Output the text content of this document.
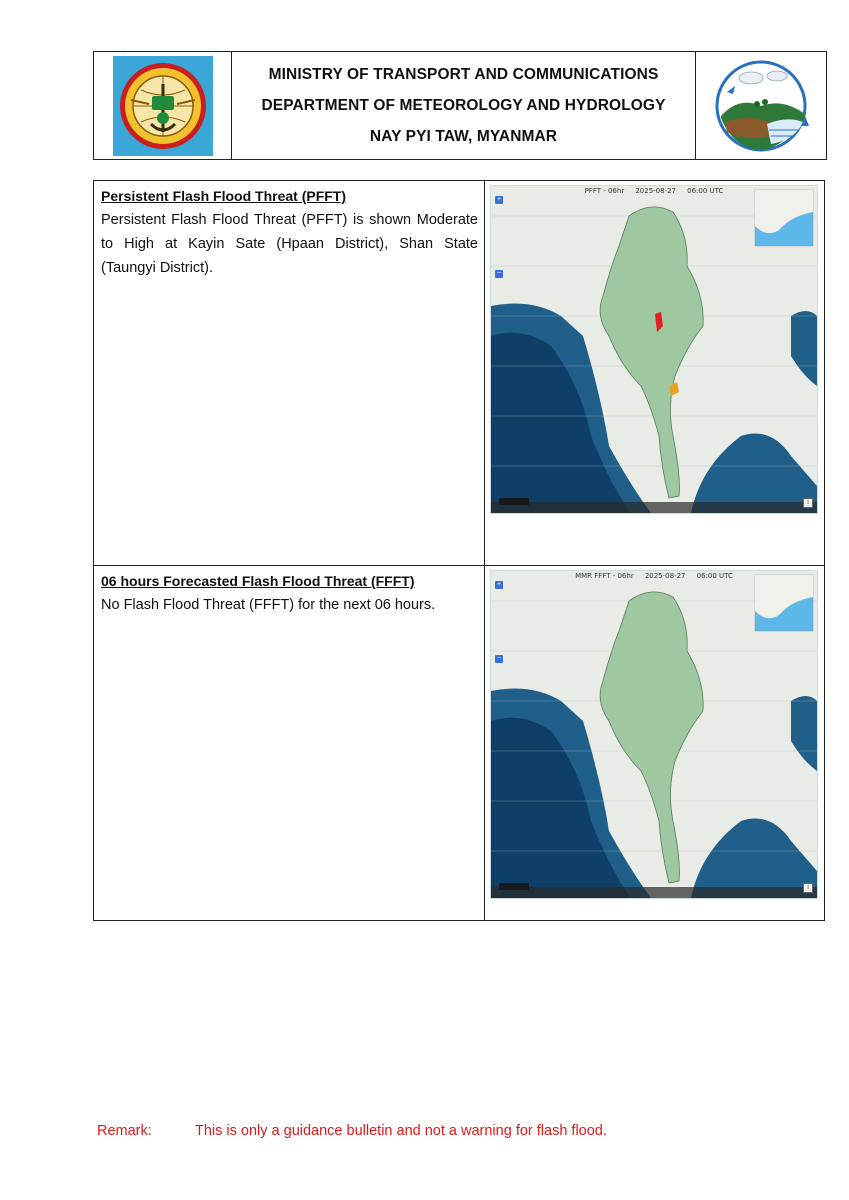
MINISTRY OF TRANSPORT AND COMMUNICATIONS
DEPARTMENT OF METEOROLOGY AND HYDROLOGY
NAY PYI TAW, MYANMAR
Persistent Flash Flood Threat (PFFT)
Persistent Flash Flood Threat (PFFT) is shown Moderate to High at Kayin Sate (Hpaan District), Shan State (Taungyi District).
PFFT - 06hr     2025-08-27     06:00 UTC
+
−
i
06 hours Forecasted Flash Flood Threat (FFFT)
No Flash Flood Threat (FFFT) for the next 06 hours.
MMR FFFT - 06hr     2025-08-27     06:00 UTC
+
−
i
Remark:	This is only a guidance bulletin and not a warning for flash flood.
